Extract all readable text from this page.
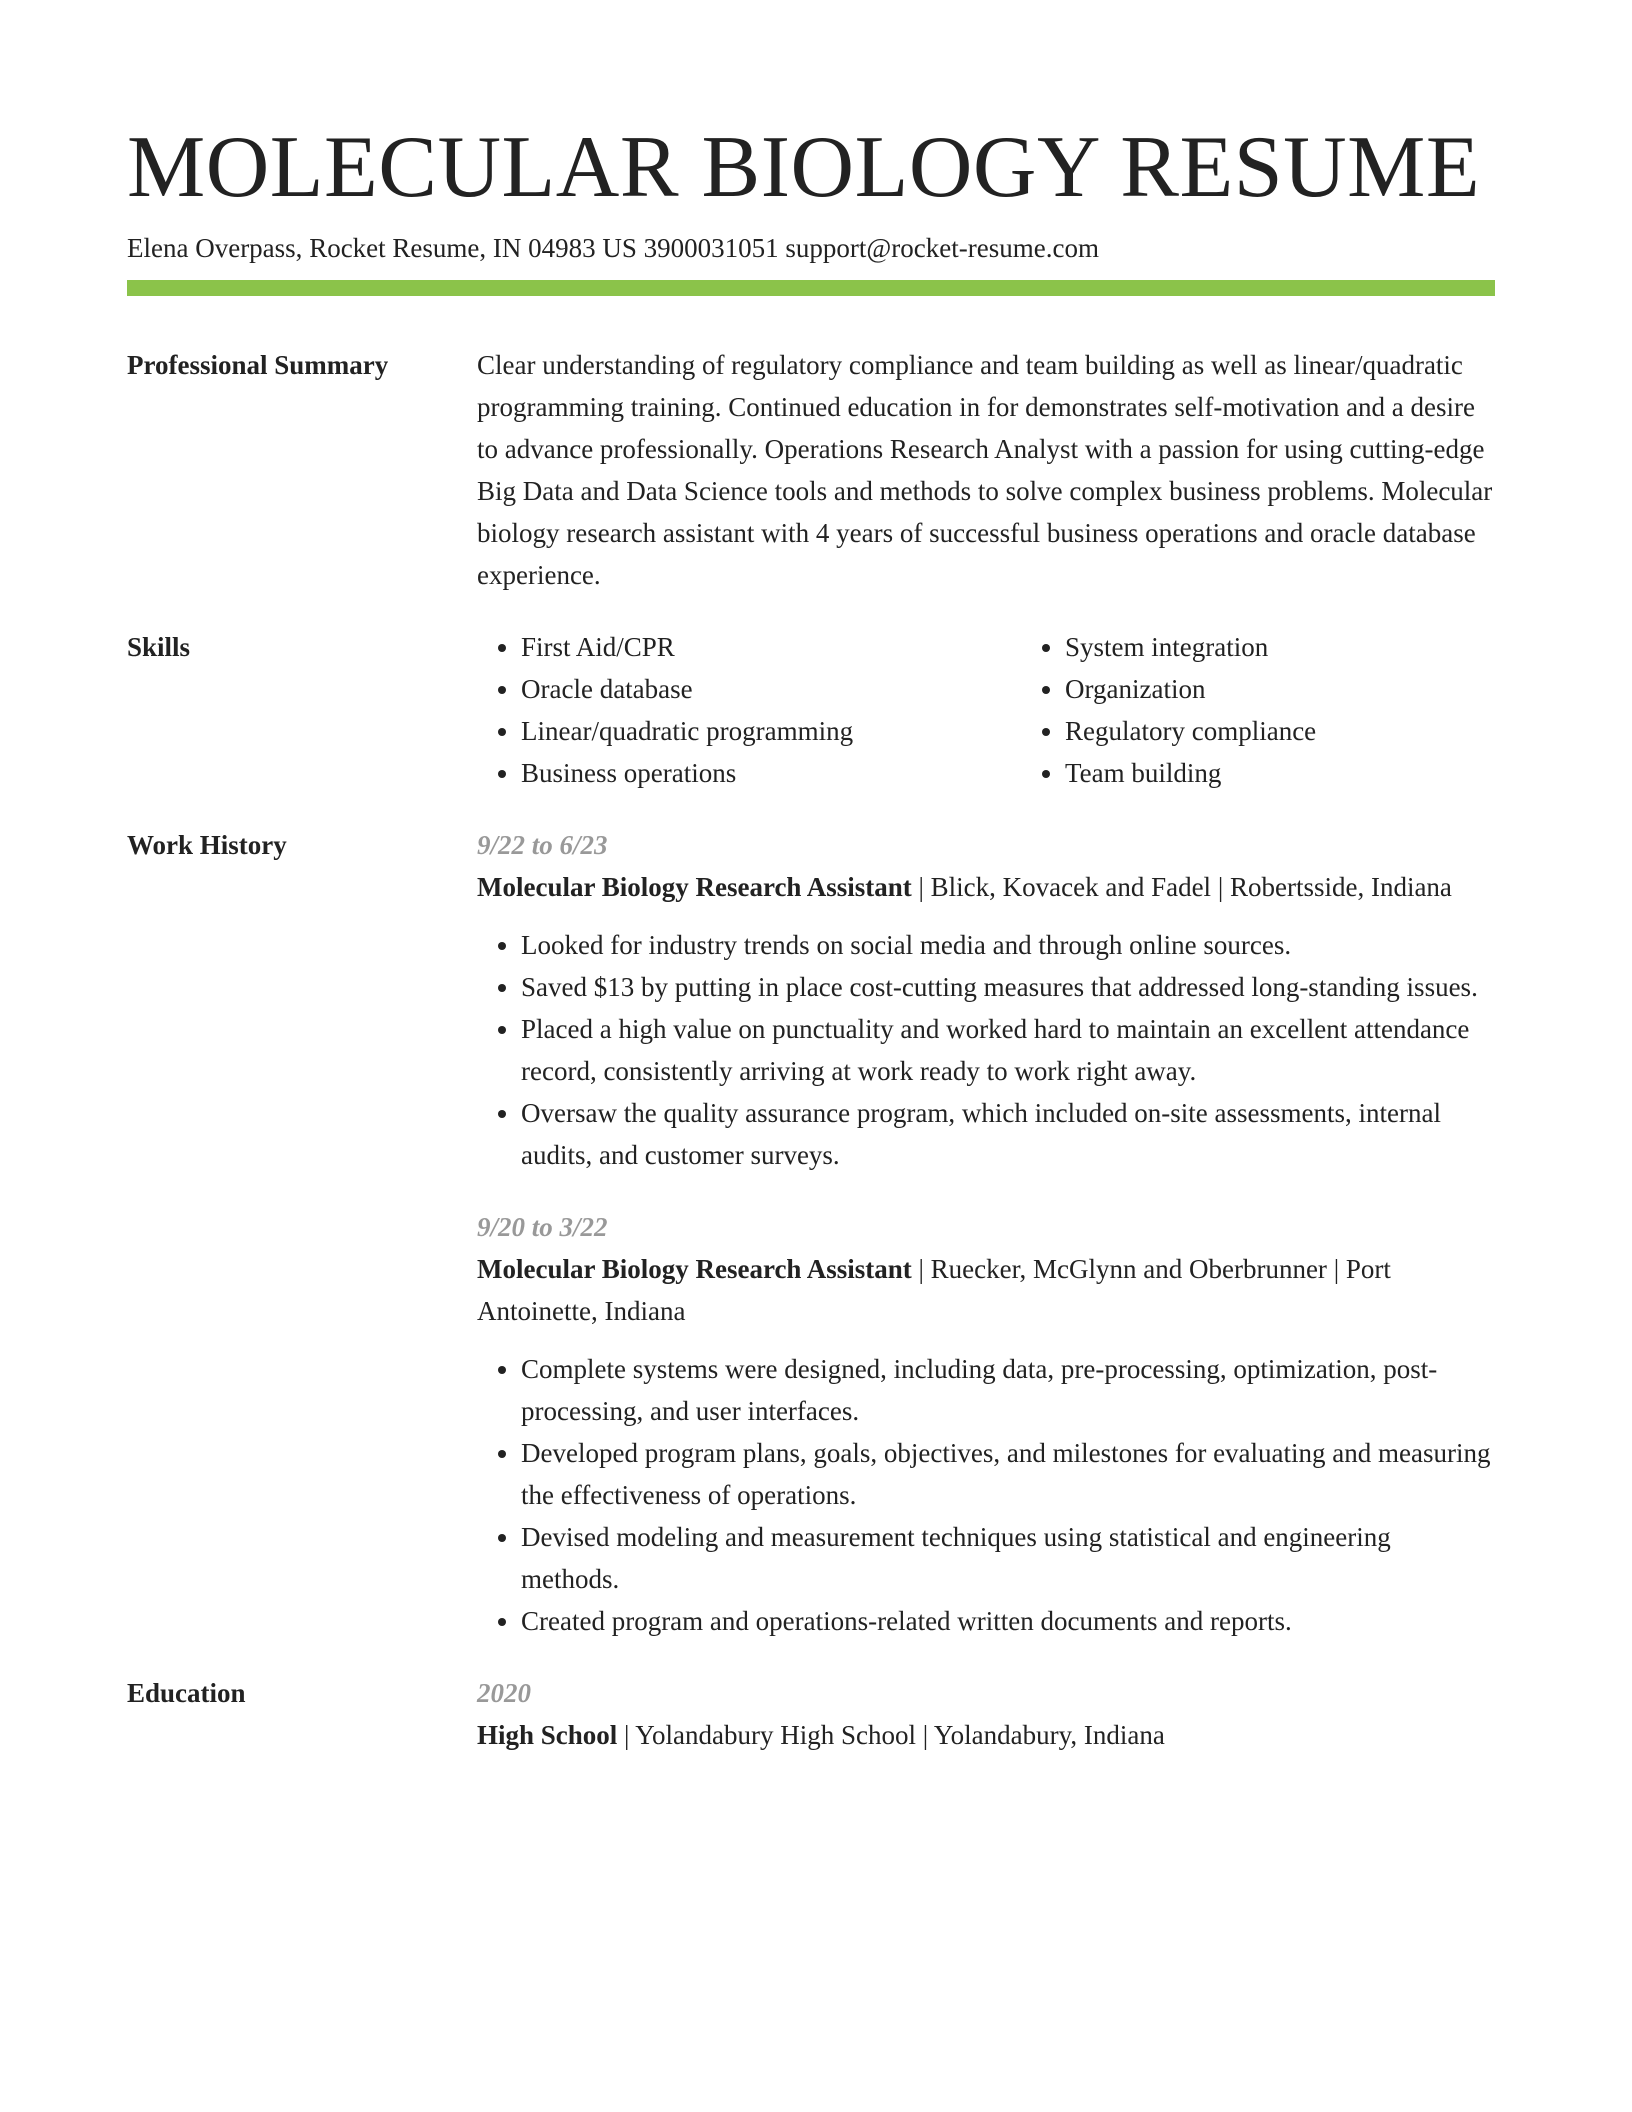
MOLECULAR BIOLOGY RESUME
Elena Overpass, Rocket Resume, IN 04983 US 3900031051 support@rocket-resume.com
Professional Summary	Clear understanding of regulatory compliance and team building as well as linear/quadratic programming training. Continued education in for demonstrates self-motivation and a desire to advance professionally. Operations Research Analyst with a passion for using cutting-edge Big Data and Data Science tools and methods to solve complex business problems. Molecular biology research assistant with 4 years of successful business operations and oracle database experience.

Skills	• First Aid/CPR
• Oracle database
• Linear/quadratic programming
• Business operations
• System integration
• Organization
• Regulatory compliance
• Team building
Work History	9/22 to 6/23

Molecular Biology Research Assistant | Blick, Kovacek and Fadel | Robertsside, Indiana

• Looked for industry trends on social media and through online sources.
• Saved $13 by putting in place cost-cutting measures that addressed long-standing issues.
• Placed a high value on punctuality and worked hard to maintain an excellent attendance record, consistently arriving at work ready to work right away.
• Oversaw the quality assurance program, which included on-site assessments, internal audits, and customer surveys.
9/20 to 3/22

Molecular Biology Research Assistant | Ruecker, McGlynn and Oberbrunner | Port Antoinette, Indiana

• Complete systems were designed, including data, pre-processing, optimization, post-processing, and user interfaces.
• Developed program plans, goals, objectives, and milestones for evaluating and measuring the effectiveness of operations.
• Devised modeling and measurement techniques using statistical and engineering methods.
• Created program and operations-related written documents and reports.
Education	2020

High School | Yolandabury High School | Yolandabury, Indiana
